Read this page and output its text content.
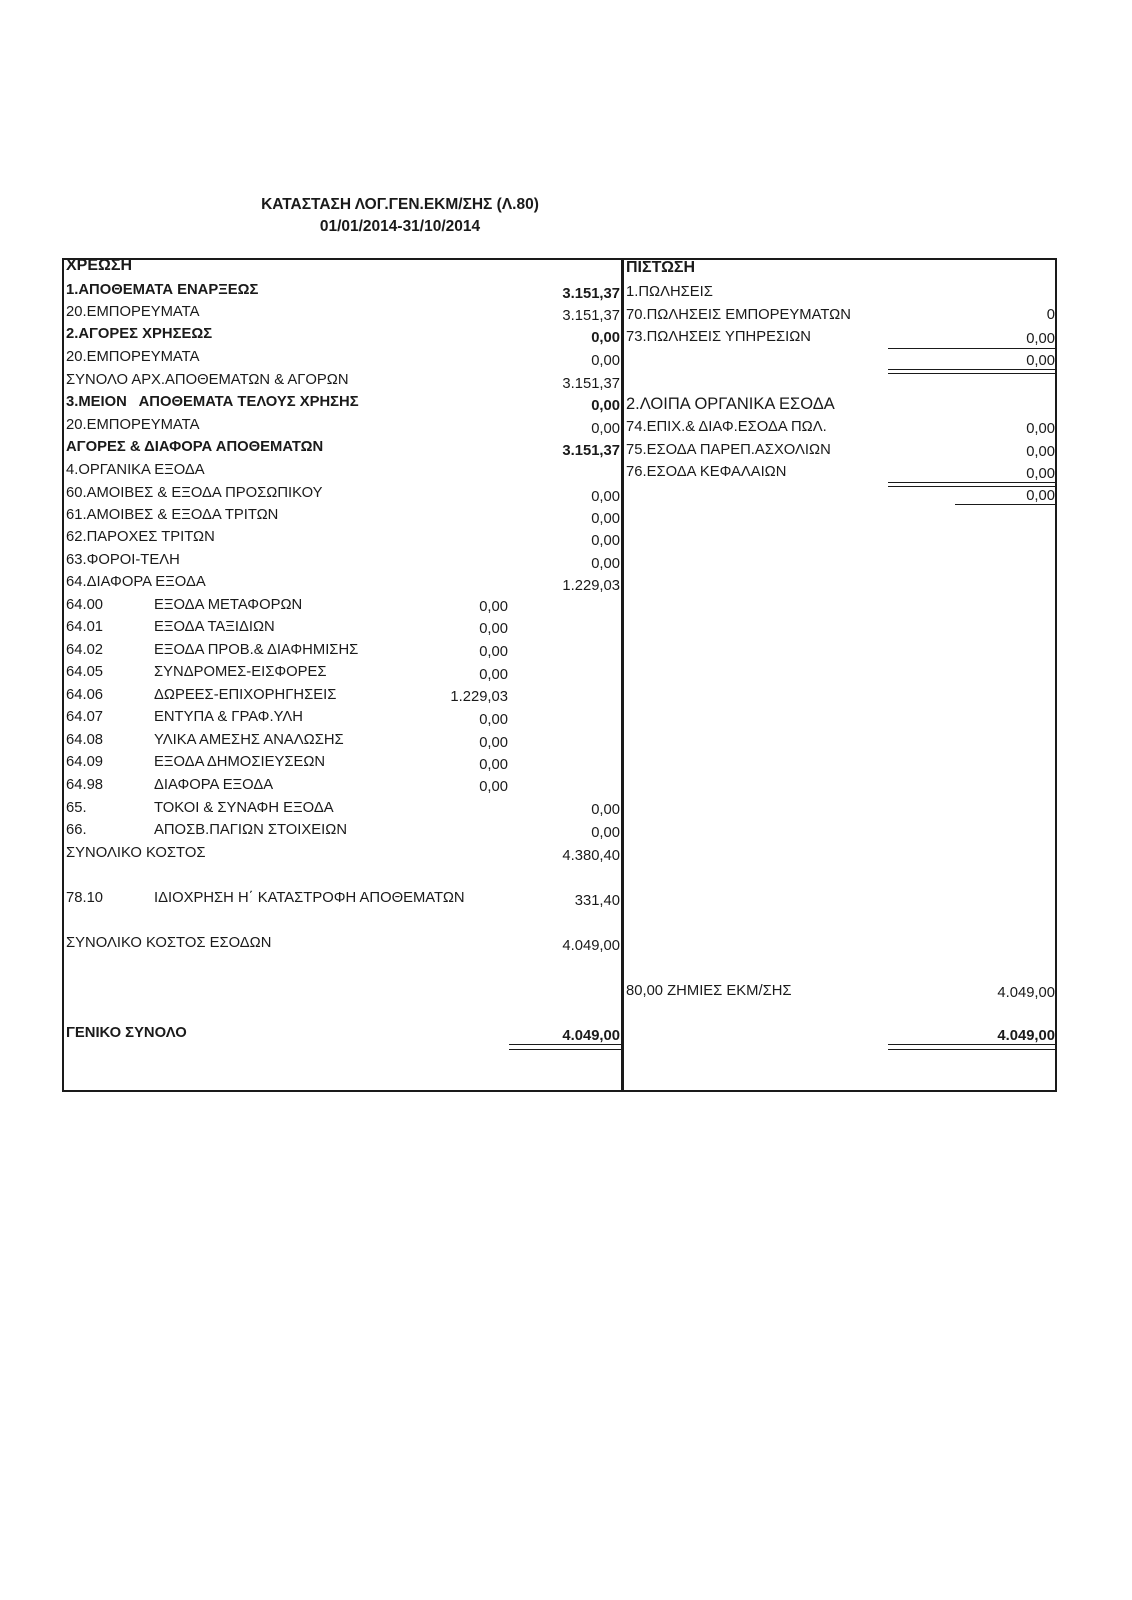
ΚΑΤΑΣΤΑΣΗ ΛΟΓ.ΓΕΝ.ΕΚΜ/ΣΗΣ (Λ.80)
01/01/2014-31/10/2014
ΧΡΕΩΣΗ
1.ΑΠΟΘΕΜΑΤΑ ΕΝΑΡΞΕΩΣ	3.151,37
20.ΕΜΠΟΡΕΥΜΑΤΑ	3.151,37
2.ΑΓΟΡΕΣ ΧΡΗΣΕΩΣ	0,00
20.ΕΜΠΟΡΕΥΜΑΤΑ	0,00
ΣΥΝΟΛΟ ΑΡΧ.ΑΠΟΘΕΜΑΤΩΝ & ΑΓΟΡΩΝ	3.151,37
3.ΜΕΙΟΝ   ΑΠΟΘΕΜΑΤΑ ΤΕΛΟΥΣ ΧΡΗΣΗΣ	0,00
20.ΕΜΠΟΡΕΥΜΑΤΑ	0,00
ΑΓΟΡΕΣ & ΔΙΑΦΟΡΑ ΑΠΟΘΕΜΑΤΩΝ	3.151,37
4.ΟΡΓΑΝΙΚΑ ΕΞΟΔΑ
60.ΑΜΟΙΒΕΣ & ΕΞΟΔΑ ΠΡΟΣΩΠΙΚΟΥ	0,00
61.ΑΜΟΙΒΕΣ & ΕΞΟΔΑ ΤΡΙΤΩΝ	0,00
62.ΠΑΡΟΧΕΣ ΤΡΙΤΩΝ	0,00
63.ΦΟΡΟΙ-ΤΕΛΗ	0,00
64.ΔΙΑΦΟΡΑ ΕΞΟΔΑ	1.229,03
64.00	ΕΞΟΔΑ ΜΕΤΑΦΟΡΩΝ	0,00
64.01	ΕΞΟΔΑ ΤΑΞΙΔΙΩΝ	0,00
64.02	ΕΞΟΔΑ ΠΡΟΒ.& ΔΙΑΦΗΜΙΣΗΣ	0,00
64.05	ΣΥΝΔΡΟΜΕΣ-ΕΙΣΦΟΡΕΣ	0,00
64.06	ΔΩΡΕΕΣ-ΕΠΙΧΟΡΗΓΗΣΕΙΣ	1.229,03
64.07	ΕΝΤΥΠΑ & ΓΡΑΦ.ΥΛΗ	0,00
64.08	ΥΛΙΚΑ ΑΜΕΣΗΣ ΑΝΑΛΩΣΗΣ	0,00
64.09	ΕΞΟΔΑ ΔΗΜΟΣΙΕΥΣΕΩΝ	0,00
64.98	ΔΙΑΦΟΡΑ ΕΞΟΔΑ	0,00
65.	ΤΟΚΟΙ & ΣΥΝΑΦΗ ΕΞΟΔΑ	0,00
66.	ΑΠΟΣΒ.ΠΑΓΙΩΝ ΣΤΟΙΧΕΙΩΝ	0,00
ΣΥΝΟΛΙΚΟ ΚΟΣΤΟΣ	4.380,40
78.10	ΙΔΙΟΧΡΗΣΗ Η΄ ΚΑΤΑΣΤΡΟΦΗ ΑΠΟΘΕΜΑΤΩΝ	331,40
ΣΥΝΟΛΙΚΟ ΚΟΣΤΟΣ ΕΣΟΔΩΝ	4.049,00
ΓΕΝΙΚΟ ΣΥΝΟΛΟ	4.049,00
ΠΙΣΤΩΣΗ
1.ΠΩΛΗΣΕΙΣ
70.ΠΩΛΗΣΕΙΣ ΕΜΠΟΡΕΥΜΑΤΩΝ	0
73.ΠΩΛΗΣΕΙΣ ΥΠΗΡΕΣΙΩΝ	0,00
0,00
2.ΛΟΙΠΑ ΟΡΓΑΝΙΚΑ ΕΣΟΔΑ
74.ΕΠΙΧ.& ΔΙΑΦ.ΕΣΟΔΑ ΠΩΛ.	0,00
75.ΕΣΟΔΑ ΠΑΡΕΠ.ΑΣΧΟΛΙΩΝ	0,00
76.ΕΣΟΔΑ ΚΕΦΑΛΑΙΩΝ	0,00
0,00
80,00 ΖΗΜΙΕΣ ΕΚΜ/ΣΗΣ	4.049,00
4.049,00
